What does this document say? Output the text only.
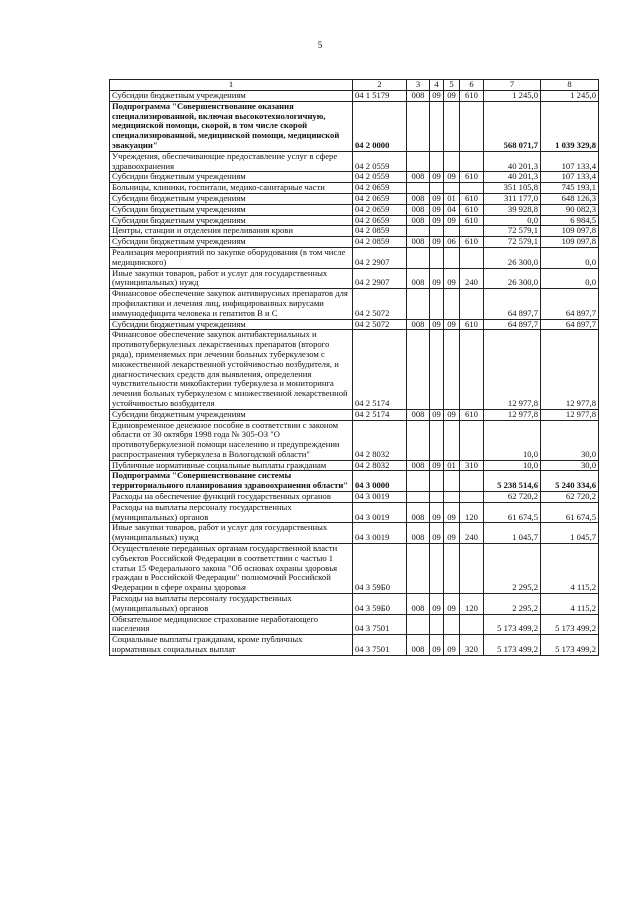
5
1	2	3	4	5	6	7	8
Субсидии бюджетным учреждениям	04 1 5179	008	09	09	610	1 245,0	1 245,0
Подпрограмма "Совершенствование оказания специализированной, включая высокотехнологичную, медицинской помощи, скорой, в том числе скорой специализированной, медицинской помощи, медицинской эвакуации"	04 2 0000					568 071,7	1 039 329,8
Учреждения, обеспечивающие предоставление услуг в сфере здравоохранения	04 2 0559					40 201,3	107 133,4
Субсидии бюджетным учреждениям	04 2 0559	008	09	09	610	40 201,3	107 133,4
Больницы, клиники, госпитали, медико-санитарные части	04 2 0659					351 105,8	745 193,1
Субсидии бюджетным учреждениям	04 2 0659	008	09	01	610	311 177,0	648 126,3
Субсидии бюджетным учреждениям	04 2 0659	008	09	04	610	39 928,8	90 082,3
Субсидии бюджетным учреждениям	04 2 0659	008	09	09	610	0,0	6 984,5
Центры, станции и отделения переливания крови	04 2 0859					72 579,1	109 097,8
Субсидии бюджетным учреждениям	04 2 0859	008	09	06	610	72 579,1	109 097,8
Реализация мероприятий по закупке оборудования (в том числе медицинского)	04 2 2907					26 300,0	0,0
Иные закупки товаров, работ и услуг для государственных (муниципальных) нужд	04 2 2907	008	09	09	240	26 300,0	0,0
Финансовое обеспечение закупок антивирусных препаратов для профилактики и лечения лиц, инфицированных вирусами иммунодефицита человека и гепатитов В и С	04 2 5072					64 897,7	64 897,7
Субсидии бюджетным учреждениям	04 2 5072	008	09	09	610	64 897,7	64 897,7
Финансовое обеспечение закупок антибактериальных и противотуберкулезных лекарственных препаратов (второго ряда), применяемых при лечении больных туберкулезом с множественной лекарственной устойчивостью возбудителя, и диагностических средств для выявления, определения чувствительности микобактерии туберкулеза и мониторинга лечения больных туберкулезом с множественной лекарственной устойчивостью возбудителя	04 2 5174					12 977,8	12 977,8
Субсидии бюджетным учреждениям	04 2 5174	008	09	09	610	12 977,8	12 977,8
Единовременное денежное пособие в соответствии с законом области от 30 октября 1998 года № 305-ОЗ "О противотуберкулезной помощи населению и предупреждении распространения туберкулеза в Вологодской области"	04 2 8032					10,0	30,0
Публичные нормативные социальные выплаты гражданам	04 2 8032	008	09	01	310	10,0	30,0
Подпрограмма "Совершенствование системы территориального планирования здравоохранения области"	04 3 0000					5 238 514,6	5 240 334,6
Расходы на обеспечение функций государственных органов	04 3 0019					62 720,2	62 720,2
Расходы на выплаты персоналу государственных (муниципальных) органов	04 3 0019	008	09	09	120	61 674,5	61 674,5
Иные закупки товаров, работ и услуг для государственных (муниципальных) нужд	04 3 0019	008	09	09	240	1 045,7	1 045,7
Осуществление переданных органам государственной власти субъектов Российской Федерации в соответствии с частью 1 статьи 15 Федерального закона "Об основах охраны здоровья граждан в Российской Федерации" полномочий Российской Федерации в сфере охраны здоровья	04 3 59Б0					2 295,2	4 115,2
Расходы на выплаты персоналу государственных (муниципальных) органов	04 3 59Б0	008	09	09	120	2 295,2	4 115,2
Обязательное медицинское страхование неработающего населения	04 3 7501					5 173 499,2	5 173 499,2
Социальные выплаты гражданам, кроме публичных нормативных социальных выплат	04 3 7501	008	09	09	320	5 173 499,2	5 173 499,2
